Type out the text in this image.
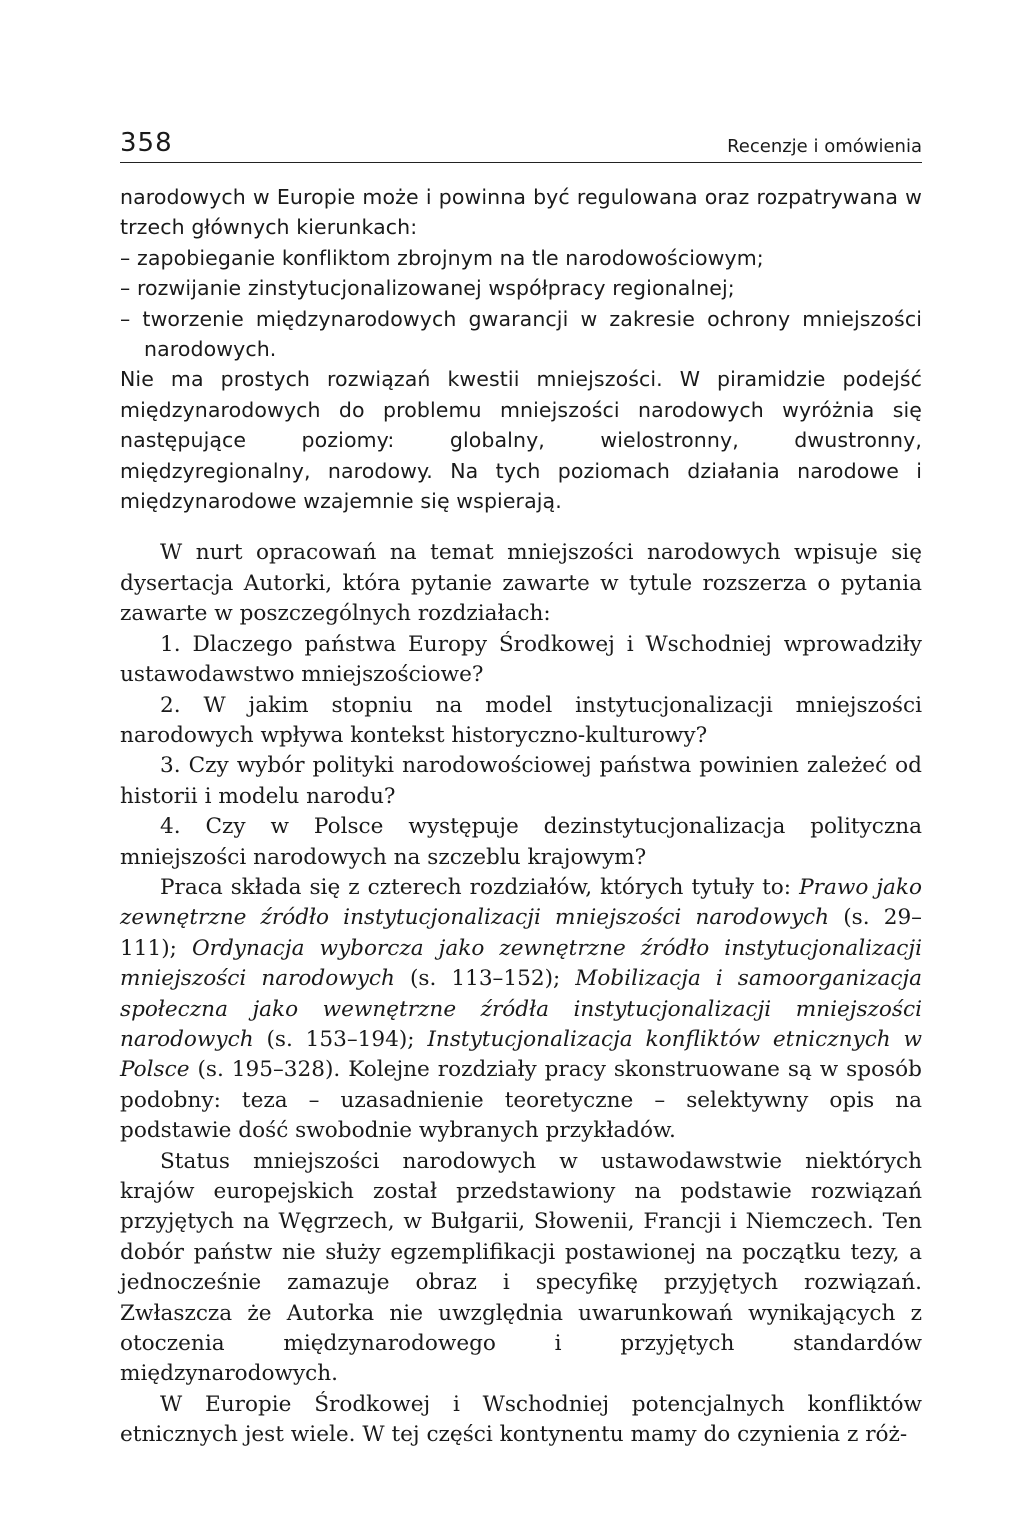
358	Recenzje i omówienia

narodowych w Europie może i powinna być regulowana oraz rozpatrywana w trzech głównych kierunkach:

– zapobieganie konfliktom zbrojnym na tle narodowościowym;

– rozwijanie zinstytucjonalizowanej współpracy regionalnej;

– tworzenie międzynarodowych gwarancji w zakresie ochrony mniejszości narodowych.

Nie ma prostych rozwiązań kwestii mniejszości. W piramidzie podejść międzynarodowych do problemu mniejszości narodowych wyróżnia się następujące poziomy: globalny, wielostronny, dwustronny, międzyregionalny, narodowy. Na tych poziomach działania narodowe i międzynarodowe wzajemnie się wspierają.

W nurt opracowań na temat mniejszości narodowych wpisuje się dysertacja Autorki, która pytanie zawarte w tytule rozszerza o pytania zawarte w poszczególnych rozdziałach:

1. Dlaczego państwa Europy Środkowej i Wschodniej wprowadziły ustawodawstwo mniejszościowe?

2. W jakim stopniu na model instytucjonalizacji mniejszości narodowych wpływa kontekst historyczno-kulturowy?

3. Czy wybór polityki narodowościowej państwa powinien zależeć od historii i modelu narodu?

4. Czy w Polsce występuje dezinstytucjonalizacja polityczna mniejszości narodowych na szczeblu krajowym?

Praca składa się z czterech rozdziałów, których tytuły to: Prawo jako zewnętrzne źródło instytucjonalizacji mniejszości narodowych (s. 29–111); Ordynacja wyborcza jako zewnętrzne źródło instytucjonalizacji mniejszości narodowych (s. 113–152); Mobilizacja i samoorganizacja społeczna jako wewnętrzne źródła instytucjonalizacji mniejszości narodowych (s. 153–194); Instytucjonalizacja konfliktów etnicznych w Polsce (s. 195–328). Kolejne rozdziały pracy skonstruowane są w sposób podobny: teza – uzasadnienie teoretyczne – selektywny opis na podstawie dość swobodnie wybranych przykładów.

Status mniejszości narodowych w ustawodawstwie niektórych krajów europejskich został przedstawiony na podstawie rozwiązań przyjętych na Węgrzech, w Bułgarii, Słowenii, Francji i Niemczech. Ten dobór państw nie służy egzemplifikacji postawionej na początku tezy, a jednocześnie zamazuje obraz i specyfikę przyjętych rozwiązań. Zwłaszcza że Autorka nie uwzględnia uwarunkowań wynikających z otoczenia międzynarodowego i przyjętych standardów międzynarodowych.

W Europie Środkowej i Wschodniej potencjalnych konfliktów etnicznych jest wiele. W tej części kontynentu mamy do czynienia z róż-
